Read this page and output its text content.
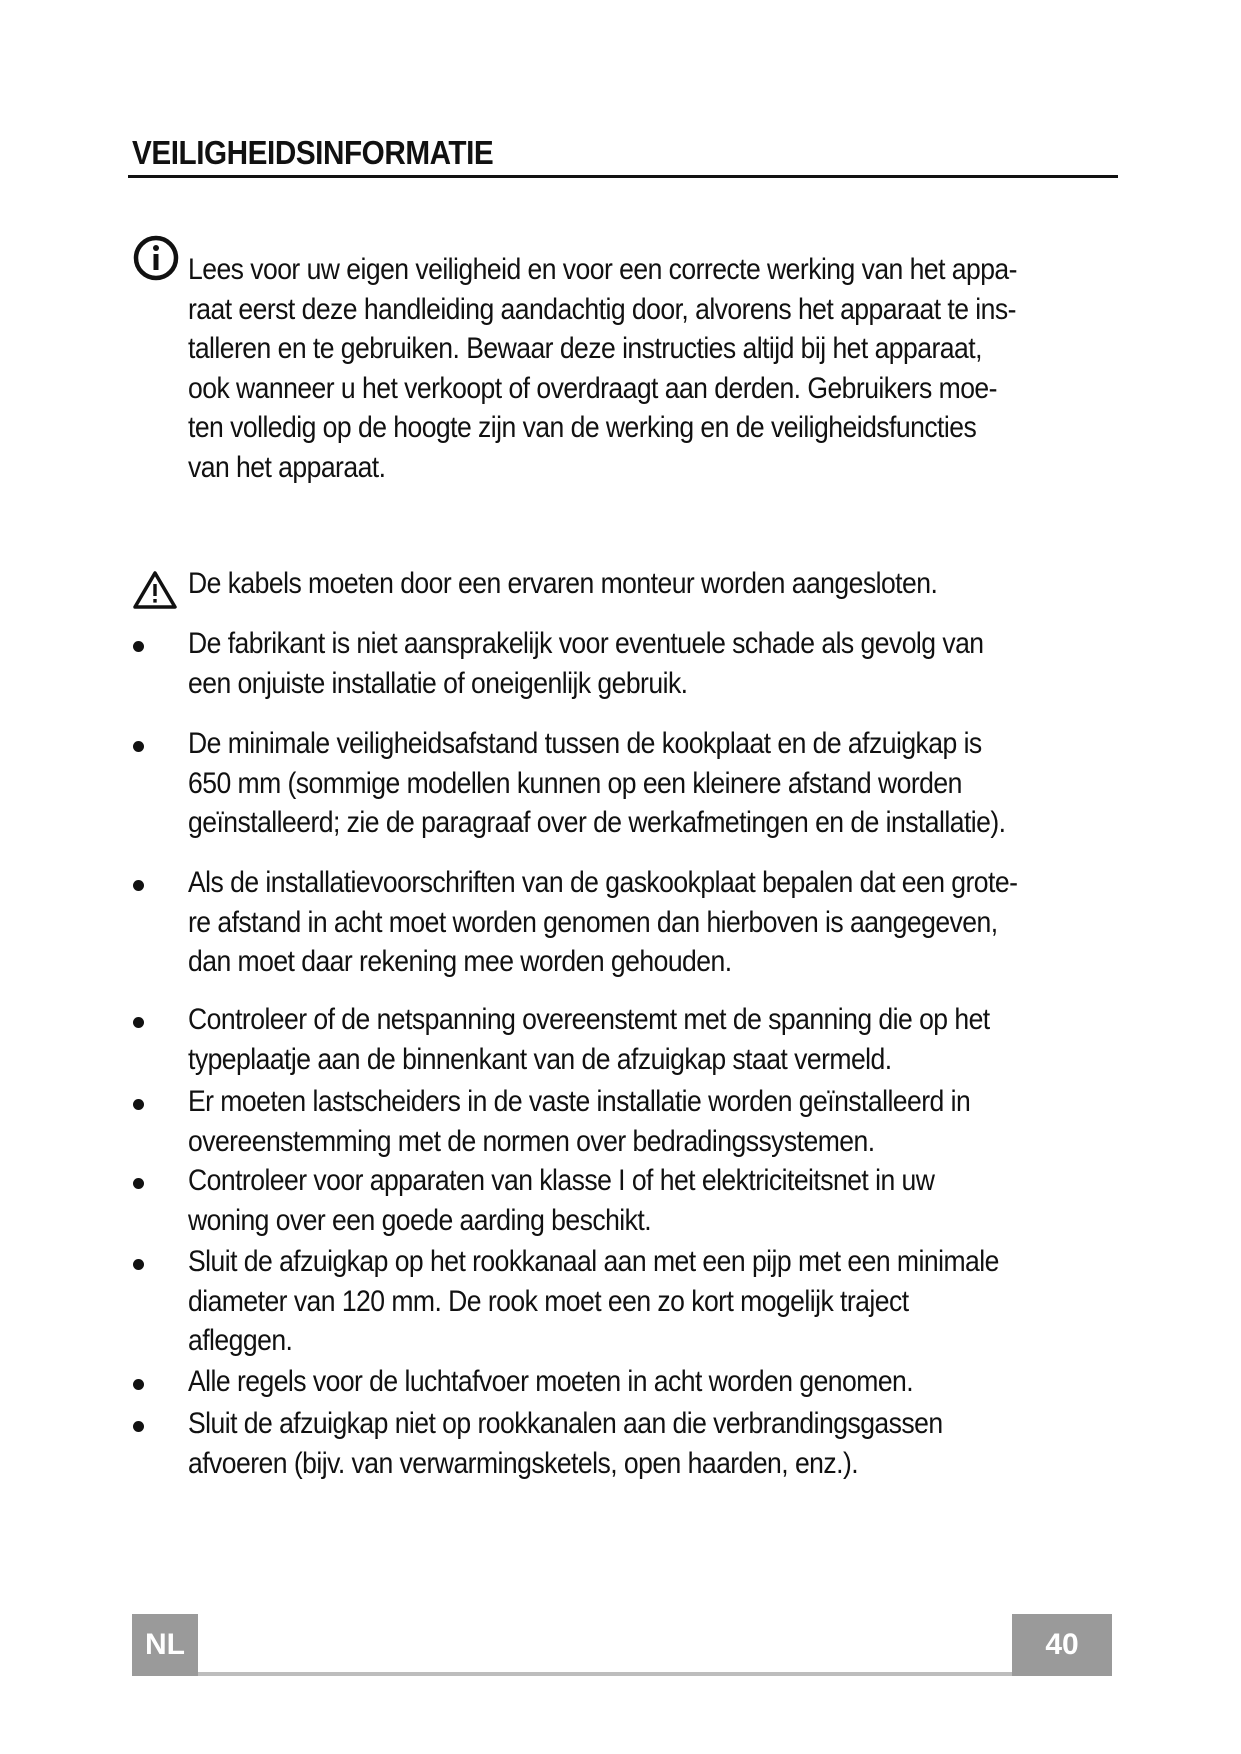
VEILIGHEIDSINFORMATIE

Lees voor uw eigen veiligheid en voor een correcte werking van het appa-
raat eerst deze handleiding aandachtig door, alvorens het apparaat te ins-
talleren en te gebruiken. Bewaar deze instructies altijd bij het apparaat,
ook wanneer u het verkoopt of overdraagt aan derden. Gebruikers moe-
ten volledig op de hoogte zijn van de werking en de veiligheidsfuncties
van het apparaat.

De kabels moeten door een ervaren monteur worden aangesloten.

De fabrikant is niet aansprakelijk voor eventuele schade als gevolg van
een onjuiste installatie of oneigenlijk gebruik.

De minimale veiligheidsafstand tussen de kookplaat en de afzuigkap is
650 mm (sommige modellen kunnen op een kleinere afstand worden
geïnstalleerd; zie de paragraaf over de werkafmetingen en de installatie).

Als de installatievoorschriften van de gaskookplaat bepalen dat een grote-
re afstand in acht moet worden genomen dan hierboven is aangegeven,
dan moet daar rekening mee worden gehouden.

Controleer of de netspanning overeenstemt met de spanning die op het
typeplaatje aan de binnenkant van de afzuigkap staat vermeld.

Er moeten lastscheiders in de vaste installatie worden geïnstalleerd in
overeenstemming met de normen over bedradingssystemen.

Controleer voor apparaten van klasse I of het elektriciteitsnet in uw
woning over een goede aarding beschikt.

Sluit de afzuigkap op het rookkanaal aan met een pijp met een minimale
diameter van 120 mm. De rook moet een zo kort mogelijk traject
afleggen.

Alle regels voor de luchtafvoer moeten in acht worden genomen.

Sluit de afzuigkap niet op rookkanalen aan die verbrandingsgassen
afvoeren (bijv. van verwarmingsketels, open haarden, enz.).

NL	40
